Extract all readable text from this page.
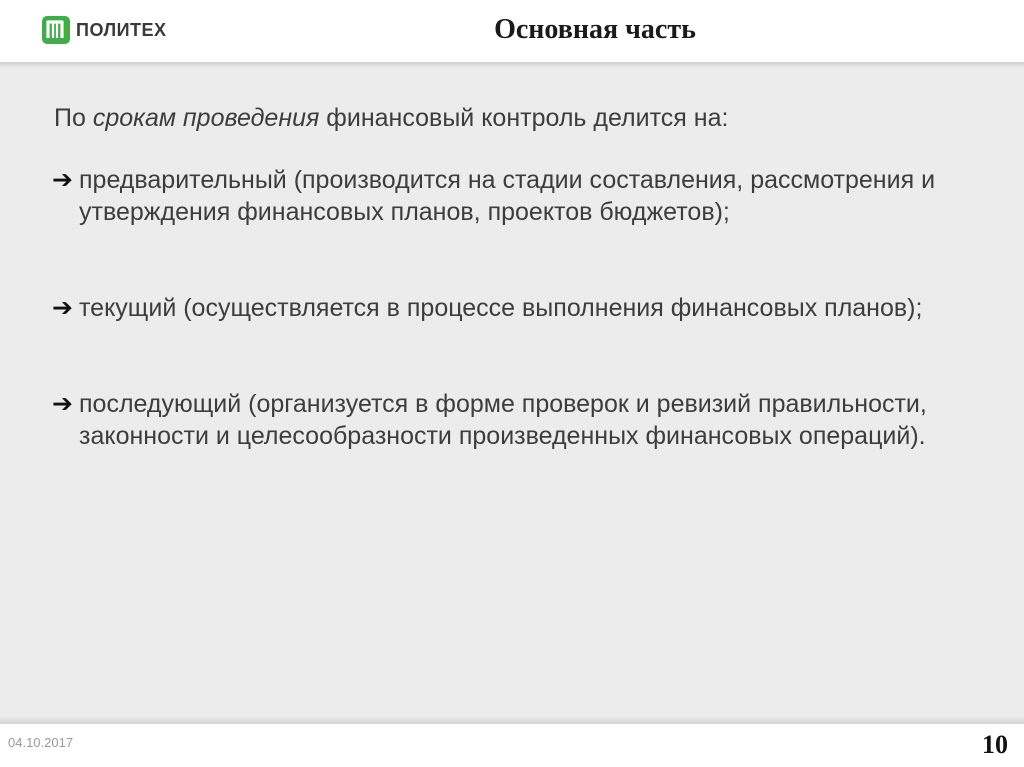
ПОЛИТЕХ	Основная часть
По срокам проведения финансовый контроль делится на:
➔ предварительный (производится на стадии составления, рассмотрения и утверждения финансовых планов, проектов бюджетов);
➔ текущий (осуществляется в процессе выполнения финансовых планов);
➔ последующий (организуется в форме проверок и ревизий правильности, законности и целесообразности произведенных финансовых операций).
04.10.2017	10
